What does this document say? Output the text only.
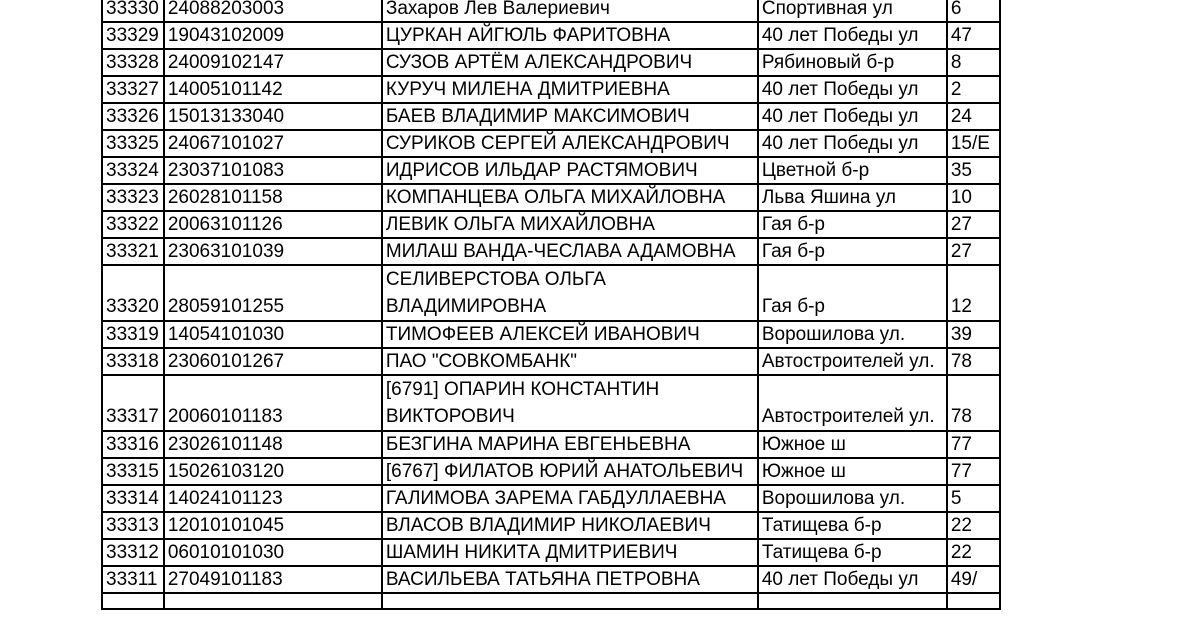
33330	24088203003	Захаров Лев Валериевич	Спортивная ул	6
33329	19043102009	ЦУРКАН АЙГЮЛЬ ФАРИТОВНА	40 лет Победы ул	47
33328	24009102147	СУЗОВ АРТЁМ АЛЕКСАНДРОВИЧ	Рябиновый б-р	8
33327	14005101142	КУРУЧ МИЛЕНА ДМИТРИЕВНА	40 лет Победы ул	2
33326	15013133040	БАЕВ ВЛАДИМИР МАКСИМОВИЧ	40 лет Победы ул	24
33325	24067101027	СУРИКОВ СЕРГЕЙ АЛЕКСАНДРОВИЧ	40 лет Победы ул	15/Е
33324	23037101083	ИДРИСОВ ИЛЬДАР РАСТЯМОВИЧ	Цветной б-р	35
33323	26028101158	КОМПАНЦЕВА ОЛЬГА МИХАЙЛОВНА	Льва Яшина ул	10
33322	20063101126	ЛЕВИК ОЛЬГА МИХАЙЛОВНА	Гая б-р	27
33321	23063101039	МИЛАШ ВАНДА-ЧЕСЛАВА АДАМОВНА	Гая б-р	27
33320	28059101255	СЕЛИВЕРСТОВА ОЛЬГА
ВЛАДИМИРОВНА	Гая б-р	12
33319	14054101030	ТИМОФЕЕВ АЛЕКСЕЙ ИВАНОВИЧ	Ворошилова ул.	39
33318	23060101267	ПАО "СОВКОМБАНК"	Автостроителей ул.	78
33317	20060101183	[6791] ОПАРИН КОНСТАНТИН
ВИКТОРОВИЧ	Автостроителей ул.	78
33316	23026101148	БЕЗГИНА МАРИНА ЕВГЕНЬЕВНА	Южное ш	77
33315	15026103120	[6767] ФИЛАТОВ ЮРИЙ АНАТОЛЬЕВИЧ	Южное ш	77
33314	14024101123	ГАЛИМОВА ЗАРЕМА ГАБДУЛЛАЕВНА	Ворошилова ул.	5
33313	12010101045	ВЛАСОВ ВЛАДИМИР НИКОЛАЕВИЧ	Татищева б-р	22
33312	06010101030	ШАМИН НИКИТА ДМИТРИЕВИЧ	Татищева б-р	22
33311	27049101183	ВАСИЛЬЕВА ТАТЬЯНА ПЕТРОВНА	40 лет Победы ул	49/
